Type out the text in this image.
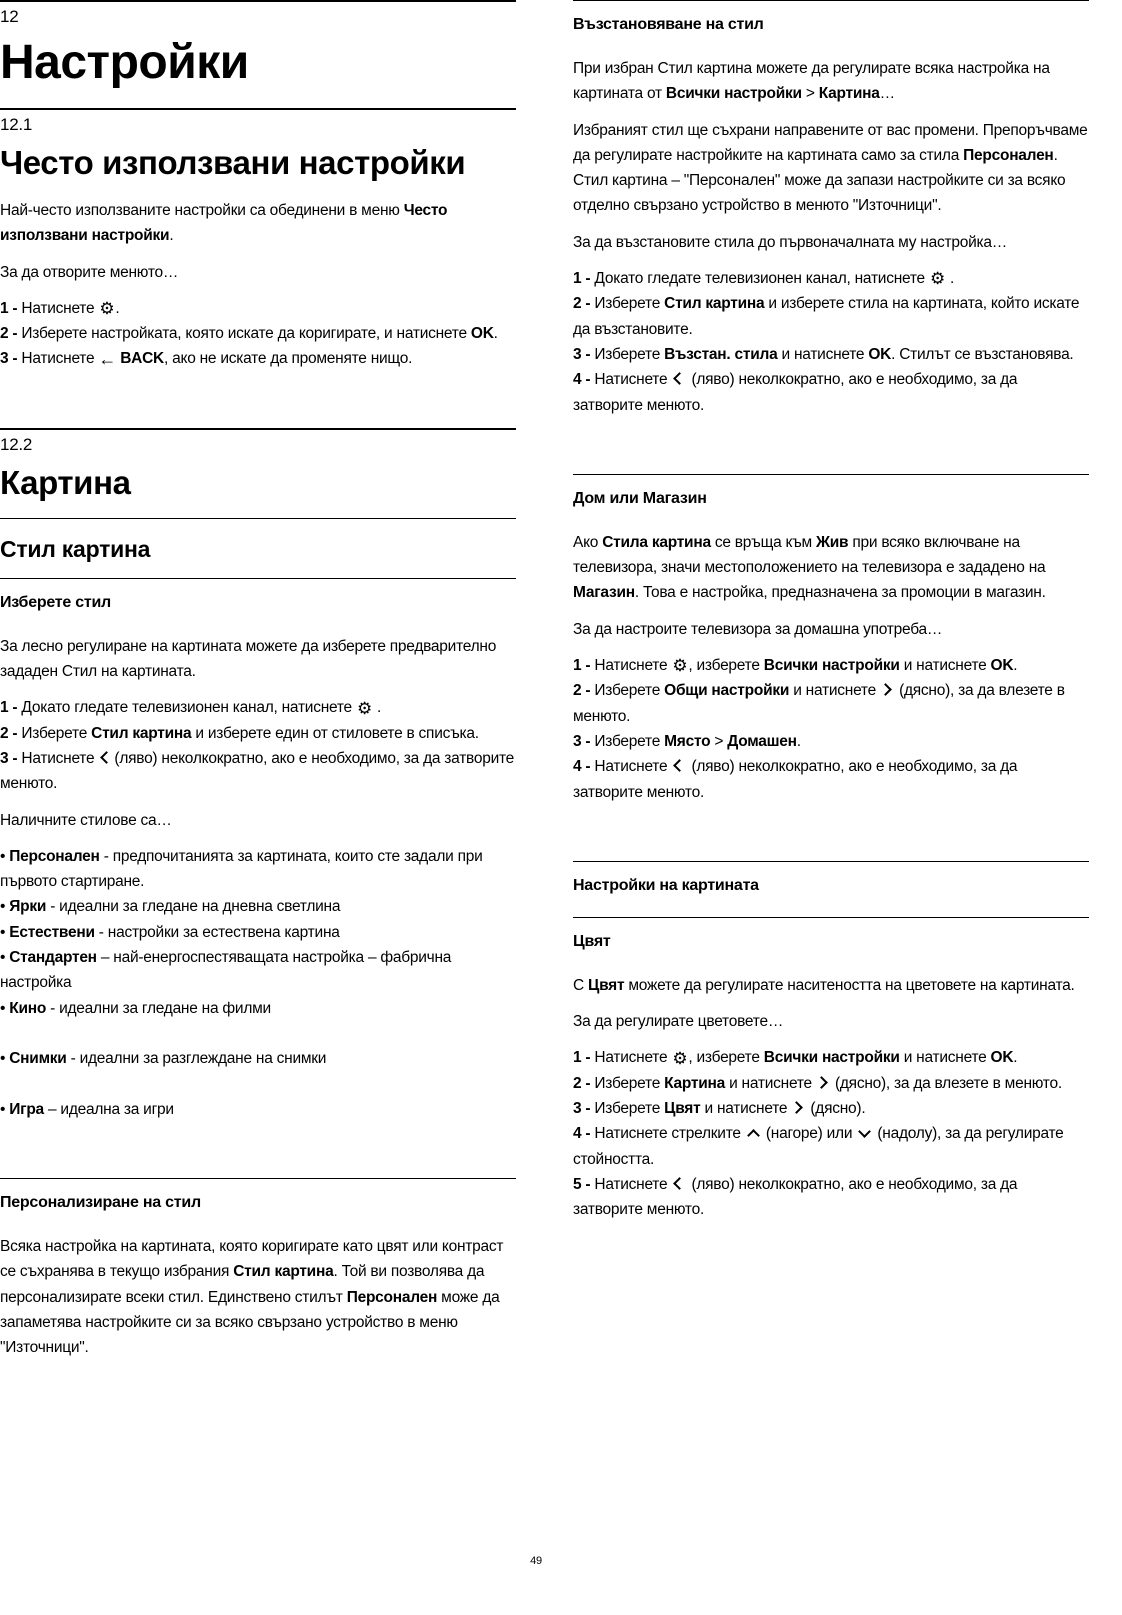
12
Настройки
12.1
Често използвани настройки
Най-често използваните настройки са обединени в меню Често използвани настройки.
За да отворите менюто…
1 - Натиснете ⚙.
2 - Изберете настройката, която искате да коригирате, и натиснете OK.
3 - Натиснете ← BACK, ако не искате да променяте нищо.
12.2
Картина
Стил картина
Изберете стил
За лесно регулиране на картината можете да изберете предварително зададен Стил на картината.
1 - Докато гледате телевизионен канал, натиснете ⚙ .
2 - Изберете Стил картина и изберете един от стиловете в списъка.
3 - Натиснете (ляво) неколкократно, ако е необходимо, за да затворите менюто.
Наличните стилове са…
• Персонален - предпочитанията за картината, които сте задали при първото стартиране.
• Ярки - идеални за гледане на дневна светлина
• Естествени - настройки за естествена картина
• Стандартен – най-енергоспестяващата настройка – фабрична настройка
• Кино - идеални за гледане на филми
• Снимки - идеални за разглеждане на снимки
• Игра – идеална за игри
Персонализиране на стил
Всяка настройка на картината, която коригирате като цвят или контраст се съхранява в текущо избрания Стил картина. Той ви позволява да персонализирате всеки стил. Единствено стилът Персонален може да запаметява настройките си за всяко свързано устройство в меню "Източници".
Възстановяване на стил
При избран Стил картина можете да регулирате всяка настройка на картината от Всички настройки > Картина…
Избраният стил ще съхрани направените от вас промени. Препоръчваме да регулирате настройките на картината само за стила Персонален. Стил картина – "Персонален" може да запази настройките си за всяко отделно свързано устройство в менюто "Източници".
За да възстановите стила до първоначалната му настройка…
1 - Докато гледате телевизионен канал, натиснете ⚙ .
2 - Изберете Стил картина и изберете стила на картината, който искате да възстановите.
3 - Изберете Възстан. стила и натиснете OK. Стилът се възстановява.
4 - Натиснете  (ляво) неколкократно, ако е необходимо, за да затворите менюто.
Дом или Магазин
Ако Стила картина се връща към Жив при всяко включване на телевизора, значи местоположението на телевизора е зададено на Магазин. Това е настройка, предназначена за промоции в магазин.
За да настроите телевизора за домашна употреба…
1 - Натиснете ⚙, изберете Всички настройки и натиснете OK.
2 - Изберете Общи настройки и натиснете  (дясно), за да влезете в менюто.
3 - Изберете Място > Домашен.
4 - Натиснете  (ляво) неколкократно, ако е необходимо, за да затворите менюто.
Настройки на картината
Цвят
С Цвят можете да регулирате наситеността на цветовете на картината.
За да регулирате цветовете…
1 - Натиснете ⚙, изберете Всички настройки и натиснете OK.
2 - Изберете Картина и натиснете  (дясно), за да влезете в менюто.
3 - Изберете Цвят и натиснете  (дясно).
4 - Натиснете стрелките  (нагоре) или  (надолу), за да регулирате стойността.
5 - Натиснете  (ляво) неколкократно, ако е необходимо, за да затворите менюто.
49
